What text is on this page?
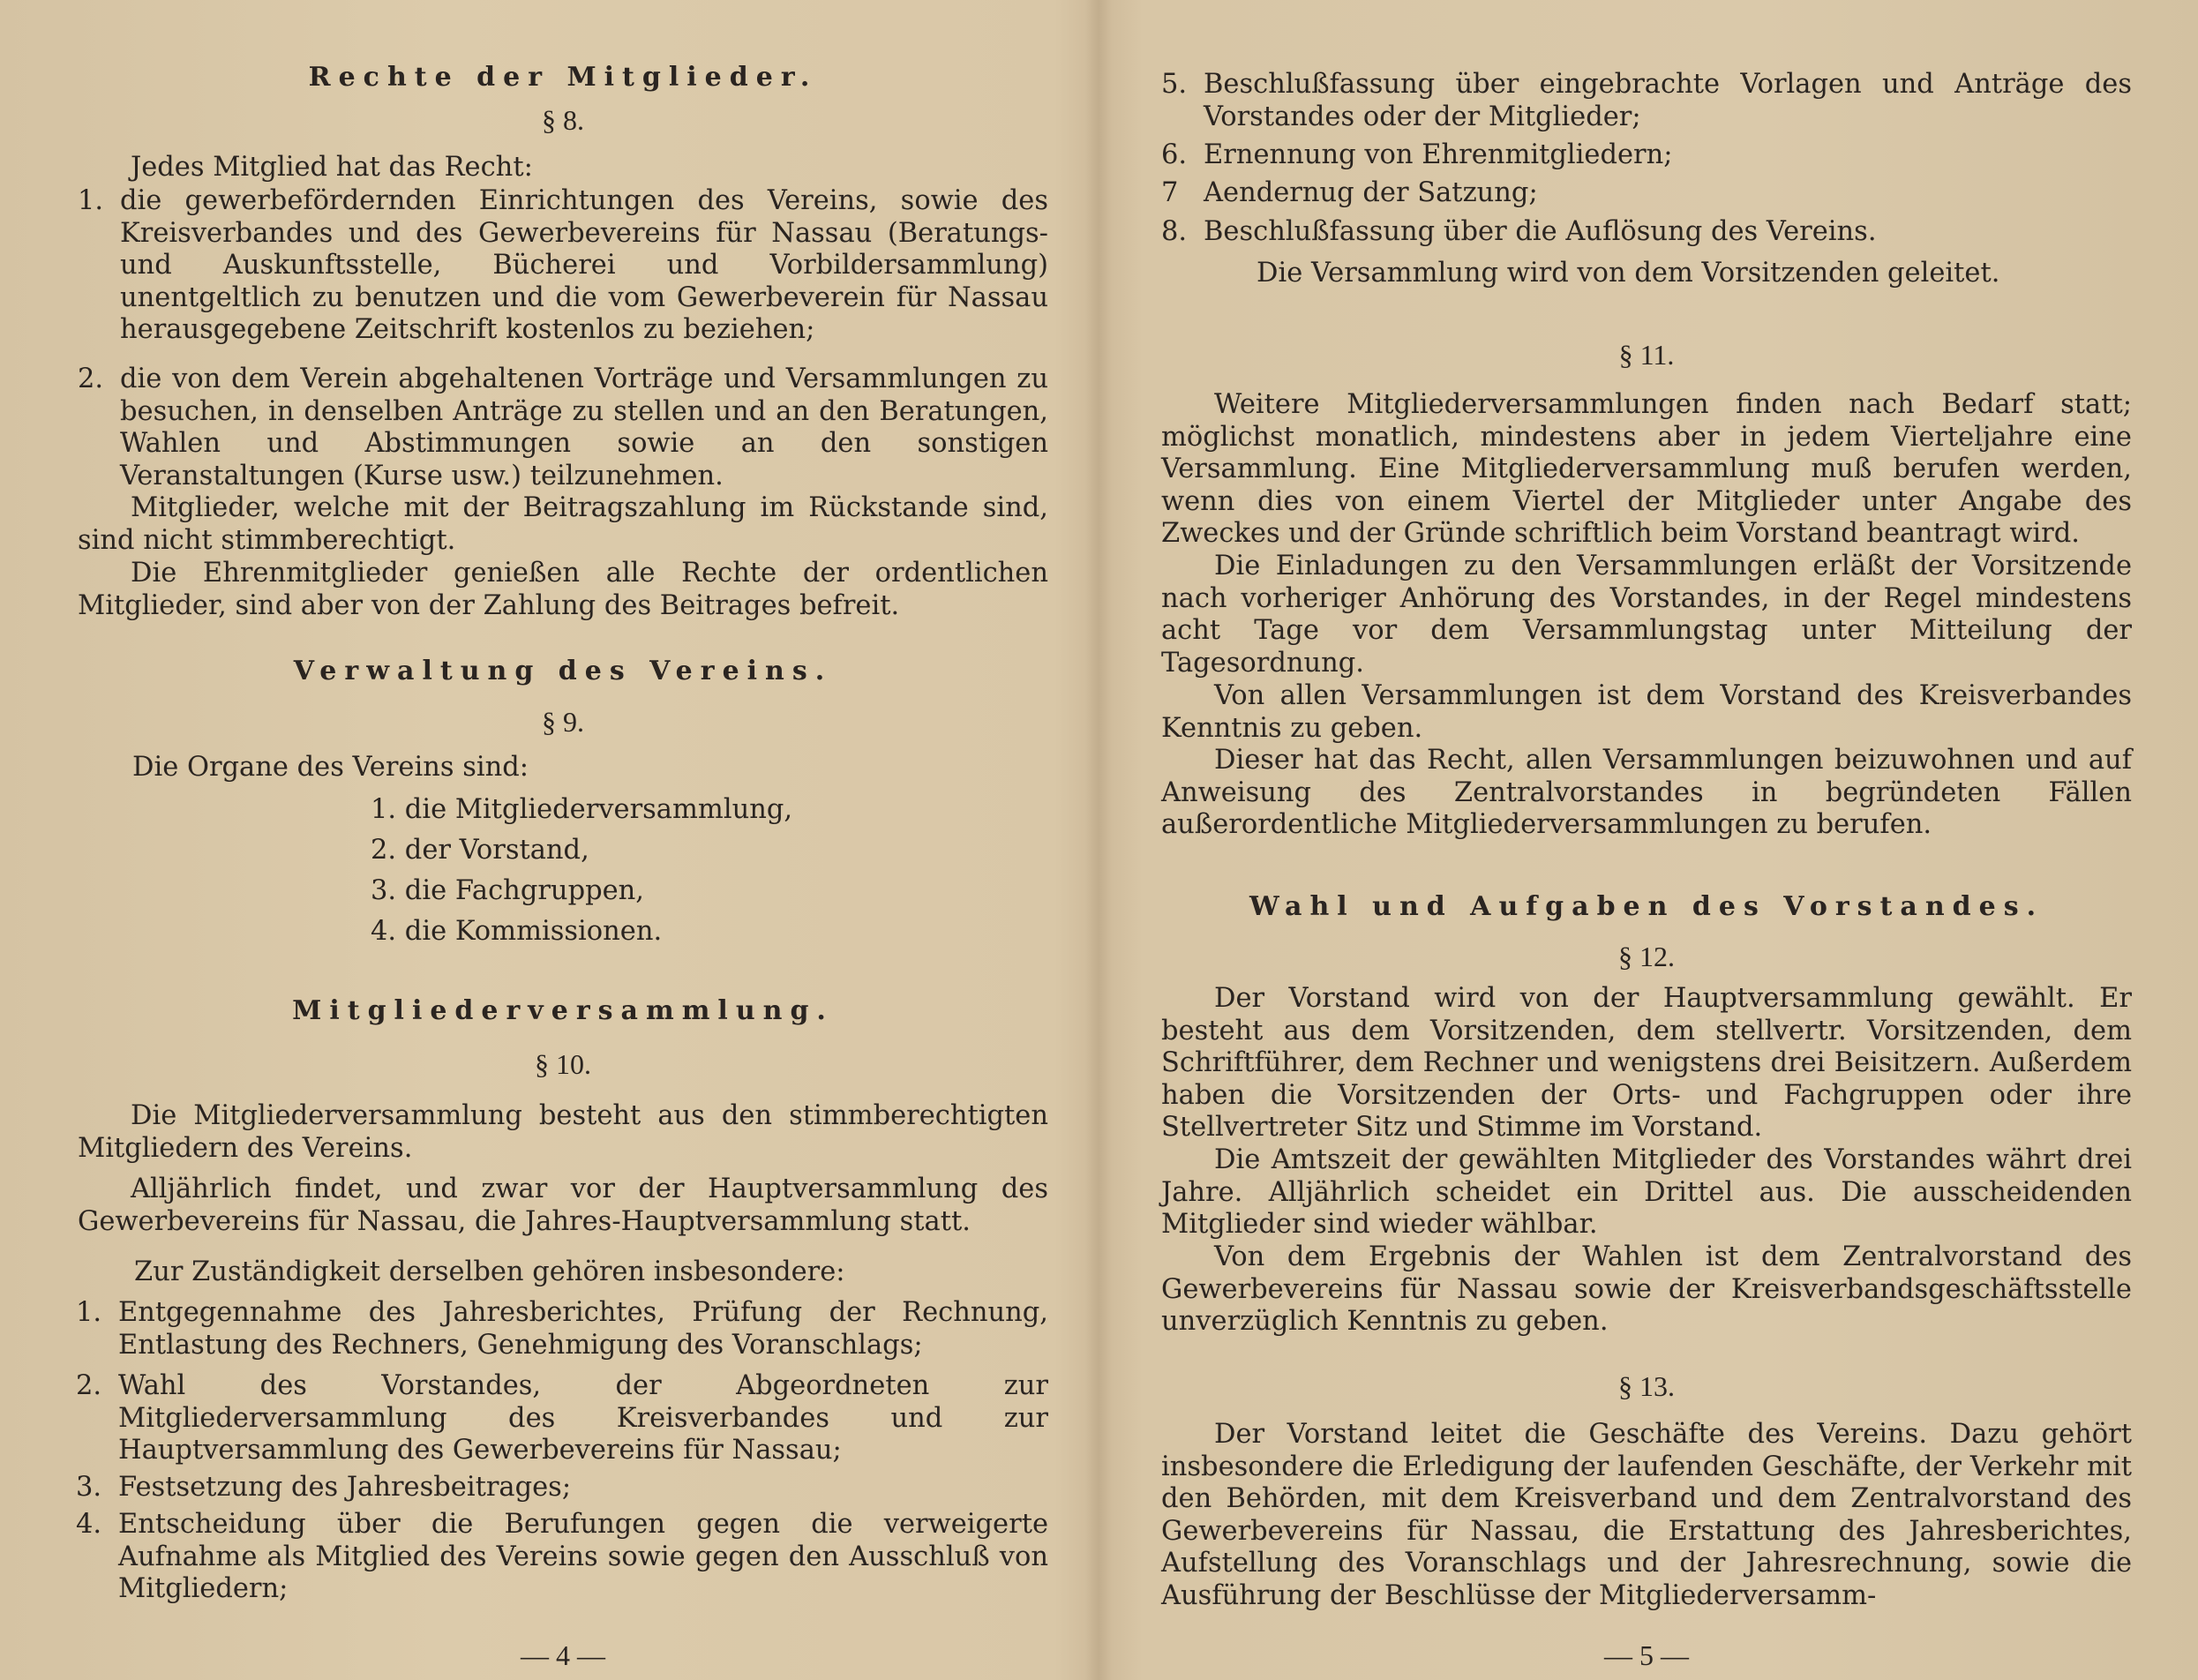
Rechte der Mitglieder.

§ 8.

Jedes Mitglied hat das Recht:

1. die gewerbefördernden Einrichtungen des Vereins, sowie des Kreisverbandes und des Gewerbevereins für Nassau (Beratungs- und Auskunftsstelle, Bücherei und Vorbildersammlung) unentgeltlich zu benutzen und die vom Gewerbeverein für Nassau herausgegebene Zeitschrift kostenlos zu beziehen;
2. die von dem Verein abgehaltenen Vorträge und Versammlungen zu besuchen, in denselben Anträge zu stellen und an den Beratungen, Wahlen und Abstimmungen sowie an den sonstigen Veranstaltungen (Kurse usw.) teilzunehmen.

Mitglieder, welche mit der Beitragszahlung im Rückstande sind, sind nicht stimmberechtigt.

Die Ehrenmitglieder genießen alle Rechte der ordentlichen Mitglieder, sind aber von der Zahlung des Beitrages befreit.

Verwaltung des Vereins.

§ 9.

Die Organe des Vereins sind:

1. die Mitgliederversammlung,

2. der Vorstand,

3. die Fachgruppen,

4. die Kommissionen.

Mitgliederversammlung.

§ 10.

Die Mitgliederversammlung besteht aus den stimmberechtigten Mitgliedern des Vereins.

Alljährlich findet, und zwar vor der Hauptversammlung des Gewerbevereins für Nassau, die Jahres-Hauptversammlung statt.

Zur Zuständigkeit derselben gehören insbesondere:

1. Entgegennahme des Jahresberichtes, Prüfung der Rechnung, Entlastung des Rechners, Genehmigung des Voranschlags;
2. Wahl des Vorstandes, der Abgeordneten zur Mitgliederversammlung des Kreisverbandes und zur Hauptversammlung des Gewerbevereins für Nassau;
3. Festsetzung des Jahresbeitrages;
4. Entscheidung über die Berufungen gegen die verweigerte Aufnahme als Mitglied des Vereins sowie gegen den Ausschluß von Mitgliedern;
— 4 —
5. Beschlußfassung über eingebrachte Vorlagen und Anträge des Vorstandes oder der Mitglieder;
6. Ernennung von Ehrenmitgliedern;
7 Aendernug der Satzung;
8. Beschlußfassung über die Auflösung des Vereins.

Die Versammlung wird von dem Vorsitzenden geleitet.

§ 11.

Weitere Mitgliederversammlungen finden nach Bedarf statt; möglichst monatlich, mindestens aber in jedem Vierteljahre eine Versammlung. Eine Mitgliederversammlung muß berufen werden, wenn dies von einem Viertel der Mitglieder unter Angabe des Zweckes und der Gründe schriftlich beim Vorstand beantragt wird.

Die Einladungen zu den Versammlungen erläßt der Vorsitzende nach vorheriger Anhörung des Vorstandes, in der Regel mindestens acht Tage vor dem Versammlungstag unter Mitteilung der Tagesordnung.

Von allen Versammlungen ist dem Vorstand des Kreisverbandes Kenntnis zu geben.

Dieser hat das Recht, allen Versammlungen beizuwohnen und auf Anweisung des Zentralvorstandes in begründeten Fällen außerordentliche Mitgliederversammlungen zu berufen.

Wahl und Aufgaben des Vorstandes.

§ 12.

Der Vorstand wird von der Hauptversammlung gewählt. Er besteht aus dem Vorsitzenden, dem stellvertr. Vorsitzenden, dem Schriftführer, dem Rechner und wenigstens drei Beisitzern. Außerdem haben die Vorsitzenden der Orts- und Fachgruppen oder ihre Stellvertreter Sitz und Stimme im Vorstand.

Die Amtszeit der gewählten Mitglieder des Vorstandes währt drei Jahre. Alljährlich scheidet ein Drittel aus. Die ausscheidenden Mitglieder sind wieder wählbar.

Von dem Ergebnis der Wahlen ist dem Zentralvorstand des Gewerbevereins für Nassau sowie der Kreisverbandsgeschäftsstelle unverzüglich Kenntnis zu geben.

§ 13.

Der Vorstand leitet die Geschäfte des Vereins. Dazu gehört insbesondere die Erledigung der laufenden Geschäfte, der Verkehr mit den Behörden, mit dem Kreisverband und dem Zentralvorstand des Gewerbevereins für Nassau, die Erstattung des Jahresberichtes, Aufstellung des Voranschlags und der Jahresrechnung, sowie die Ausführung der Beschlüsse der Mitgliederversamm-

— 5 —
